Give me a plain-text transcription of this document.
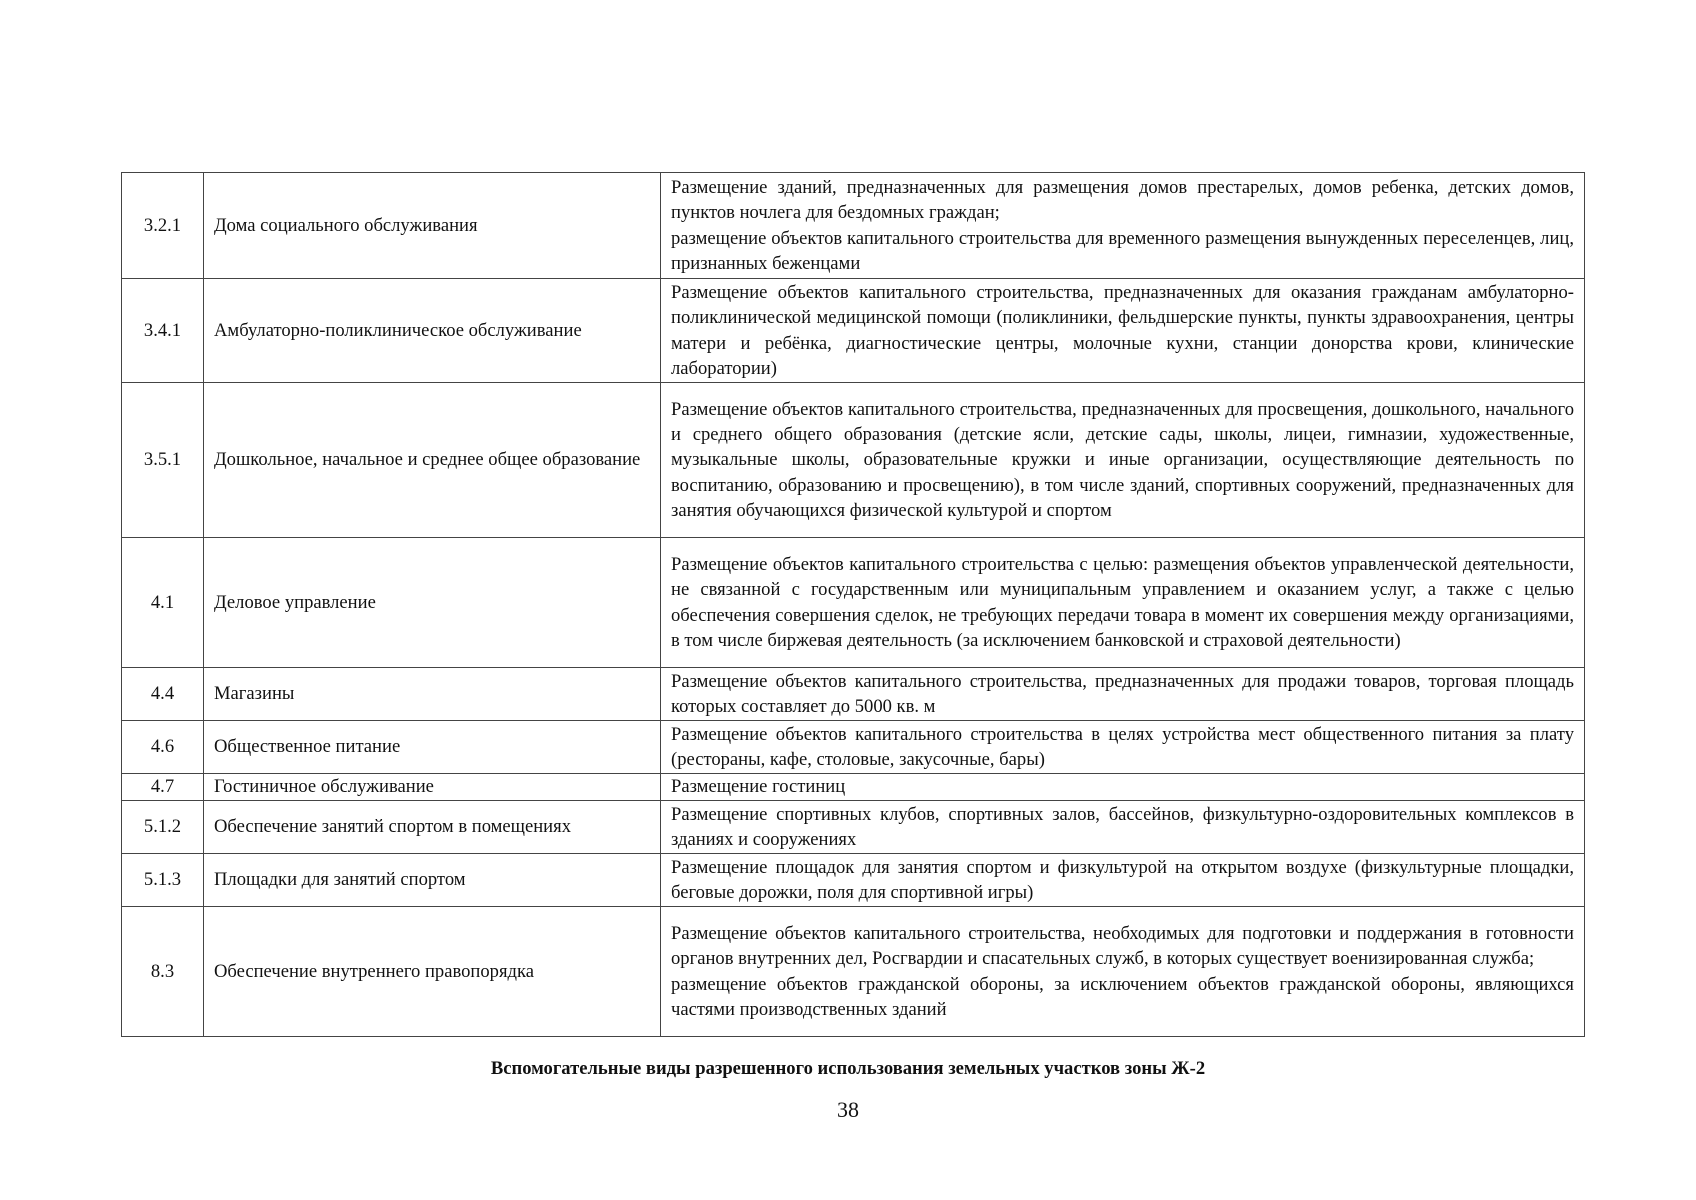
3.2.1	Дома социального обслуживания	Размещение зданий, предназначенных для размещения домов престарелых, домов ребенка, детских домов, пунктов ночлега для бездомных граждан;
размещение объектов капитального строительства для временного размещения вынужденных переселенцев, лиц, признанных беженцами

3.4.1	Амбулаторно-поликлиническое обслуживание	Размещение объектов капитального строительства, предназначенных для оказания гражданам амбулаторно-поликлинической медицинской помощи (поликлиники, фельдшерские пункты, пункты здравоохранения, центры матери и ребёнка, диагностические центры, молочные кухни, станции донорства крови, клинические лаборатории)

3.5.1	Дошкольное, начальное и среднее общее образование	Размещение объектов капитального строительства, предназначенных для просвещения, дошкольного, начального и среднего общего образования (детские ясли, детские сады, школы, лицеи, гимназии, художественные, музыкальные школы, образовательные кружки и иные организации, осуществляющие деятельность по воспитанию, образованию и просвещению), в том числе зданий, спортивных сооружений, предназначенных для занятия обучающихся физической культурой и спортом

4.1	Деловое управление	Размещение объектов капитального строительства с целью: размещения объектов управленческой деятельности, не связанной с государственным или муниципальным управлением и оказанием услуг, а также с целью обеспечения совершения сделок, не требующих передачи товара в момент их совершения между организациями, в том числе биржевая деятельность (за исключением банковской и страховой деятельности)

4.4	Магазины	Размещение объектов капитального строительства, предназначенных для продажи товаров, торговая площадь которых составляет до 5000 кв. м

4.6	Общественное питание	Размещение объектов капитального строительства в целях устройства мест общественного питания за плату (рестораны, кафе, столовые, закусочные, бары)

4.7	Гостиничное обслуживание	Размещение гостиниц

5.1.2	Обеспечение занятий спортом в помещениях	Размещение спортивных клубов, спортивных залов, бассейнов, физкультурно-оздоровительных комплексов в зданиях и сооружениях

5.1.3	Площадки для занятий спортом	Размещение площадок для занятия спортом и физкультурой на открытом воздухе (физкультурные площадки, беговые дорожки, поля для спортивной игры)

8.3	Обеспечение внутреннего правопорядка	Размещение объектов капитального строительства, необходимых для подготовки и поддержания в готовности органов внутренних дел, Росгвардии и спасательных служб, в которых существует военизированная служба;
размещение объектов гражданской обороны, за исключением объектов гражданской обороны, являющихся частями производственных зданий
Вспомогательные виды разрешенного использования земельных участков зоны Ж-2
38
